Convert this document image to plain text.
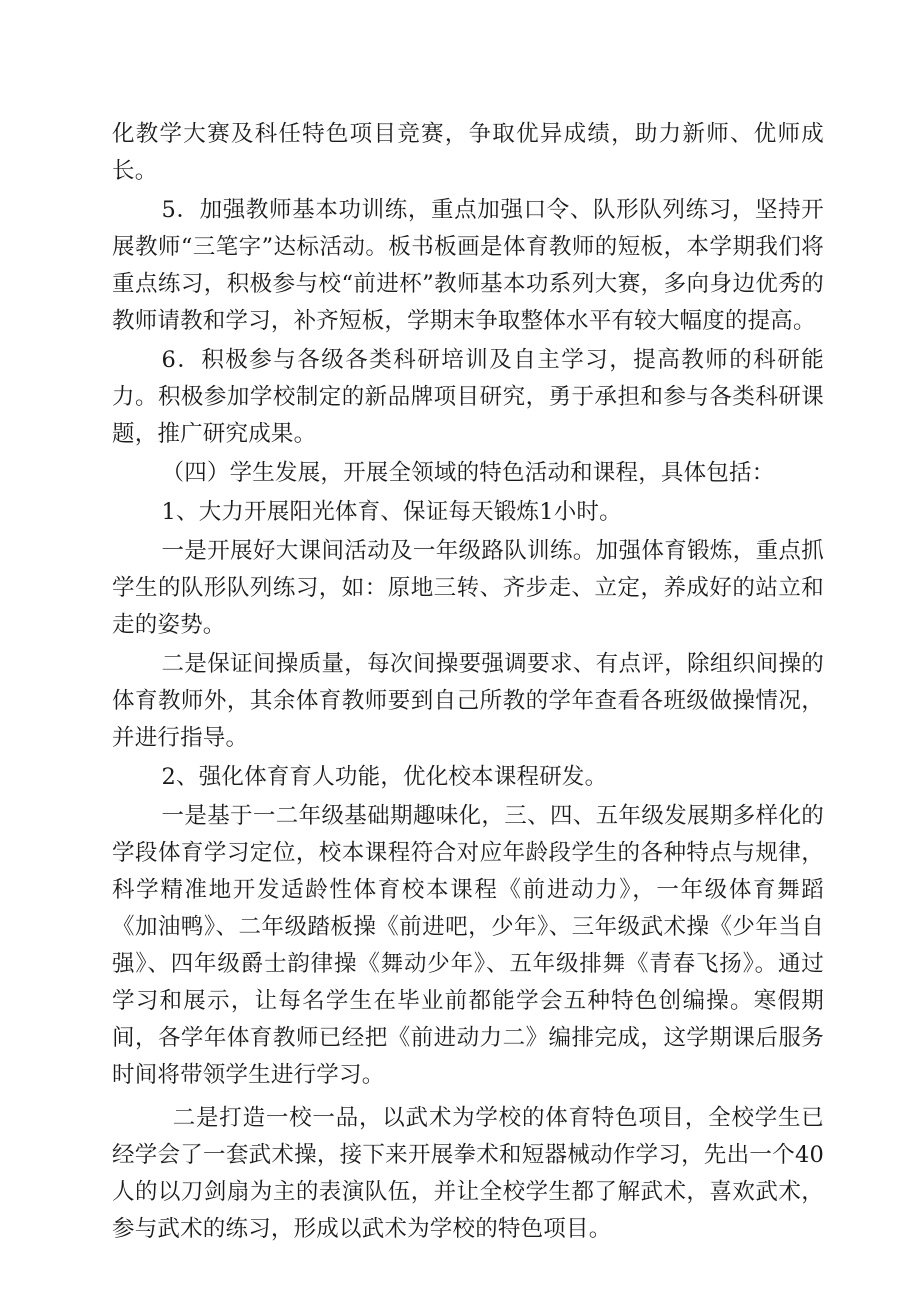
化教学大赛及科任特色项目竞赛，争取优异成绩，助力新师、优师成长。

5．加强教师基本功训练，重点加强口令、队形队列练习，坚持开展教师“三笔字”达标活动。板书板画是体育教师的短板，本学期我们将重点练习，积极参与校“前进杯”教师基本功系列大赛，多向身边优秀的教师请教和学习，补齐短板，学期末争取整体水平有较大幅度的提高。

6．积极参与各级各类科研培训及自主学习，提高教师的科研能力。积极参加学校制定的新品牌项目研究，勇于承担和参与各类科研课题，推广研究成果。

（四）学生发展，开展全领域的特色活动和课程，具体包括：

1、大力开展阳光体育、保证每天锻炼1小时。

一是开展好大课间活动及一年级路队训练。加强体育锻炼，重点抓学生的队形队列练习，如：原地三转、齐步走、立定，养成好的站立和走的姿势。

二是保证间操质量，每次间操要强调要求、有点评，除组织间操的体育教师外，其余体育教师要到自己所教的学年查看各班级做操情况，并进行指导。

2、强化体育育人功能，优化校本课程研发。

一是基于一二年级基础期趣味化，三、四、五年级发展期多样化的学段体育学习定位，校本课程符合对应年龄段学生的各种特点与规律，科学精准地开发适龄性体育校本课程《前进动力》，一年级体育舞蹈《加油鸭》、二年级踏板操《前进吧，少年》、三年级武术操《少年当自强》、四年级爵士韵律操《舞动少年》、五年级排舞《青春飞扬》。通过学习和展示，让每名学生在毕业前都能学会五种特色创编操。寒假期间，各学年体育教师已经把《前进动力二》编排完成，这学期课后服务时间将带领学生进行学习。

二是打造一校一品，以武术为学校的体育特色项目，全校学生已经学会了一套武术操，接下来开展拳术和短器械动作学习，先出一个40人的以刀剑扇为主的表演队伍，并让全校学生都了解武术，喜欢武术，参与武术的练习，形成以武术为学校的特色项目。
